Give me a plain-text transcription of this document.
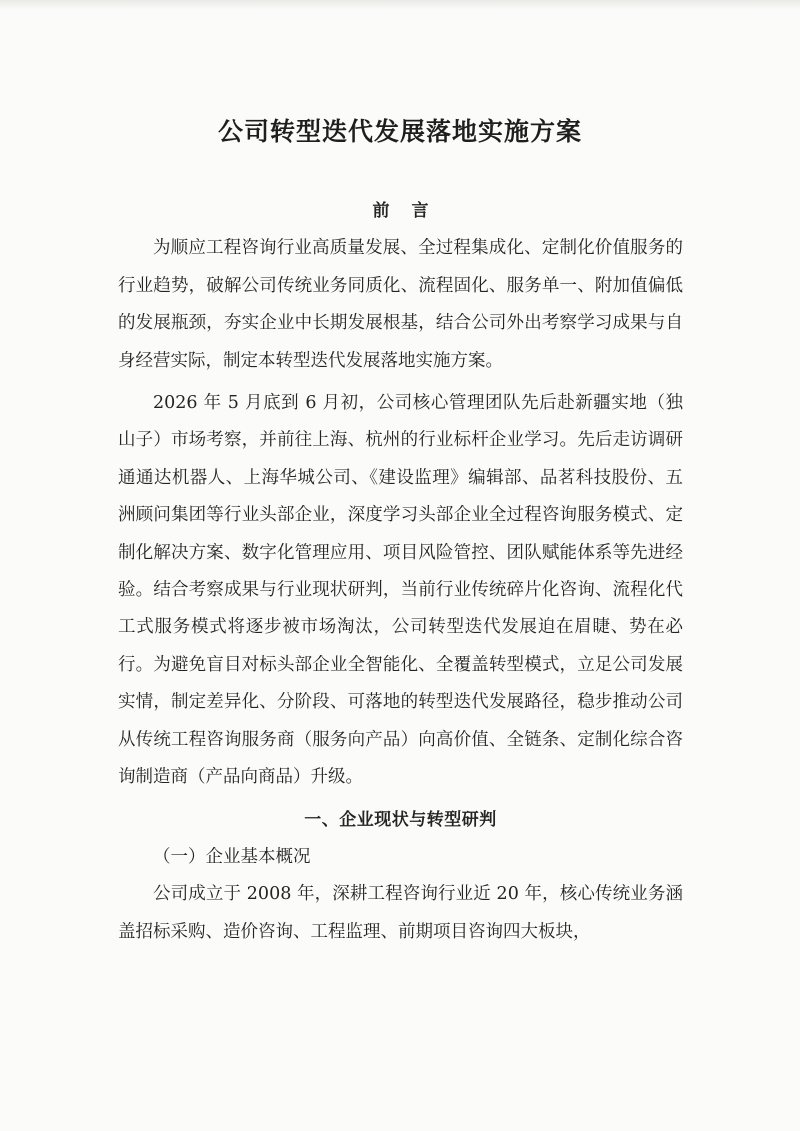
公司转型迭代发展落地实施方案

前言

为顺应工程咨询行业高质量发展、全过程集成化、定制化价值服务的行业趋势，破解公司传统业务同质化、流程固化、服务单一、附加值偏低的发展瓶颈，夯实企业中长期发展根基，结合公司外出考察学习成果与自身经营实际，制定本转型迭代发展落地实施方案。

2026 年 5 月底到 6 月初，公司核心管理团队先后赴新疆实地（独山子）市场考察，并前往上海、杭州的行业标杆企业学习。先后走访调研通通达机器人、上海华城公司、《建设监理》编辑部、品茗科技股份、五洲顾问集团等行业头部企业，深度学习头部企业全过程咨询服务模式、定制化解决方案、数字化管理应用、项目风险管控、团队赋能体系等先进经验。结合考察成果与行业现状研判，当前行业传统碎片化咨询、流程化代工式服务模式将逐步被市场淘汰，公司转型迭代发展迫在眉睫、势在必行。为避免盲目对标头部企业全智能化、全覆盖转型模式，立足公司发展实情，制定差异化、分阶段、可落地的转型迭代发展路径，稳步推动公司从传统工程咨询服务商（服务向产品）向高价值、全链条、定制化综合咨询制造商（产品向商品）升级。

一、企业现状与转型研判

（一）企业基本概况

公司成立于 2008 年，深耕工程咨询行业近 20 年，核心传统业务涵盖招标采购、造价咨询、工程监理、前期项目咨询四大板块，
